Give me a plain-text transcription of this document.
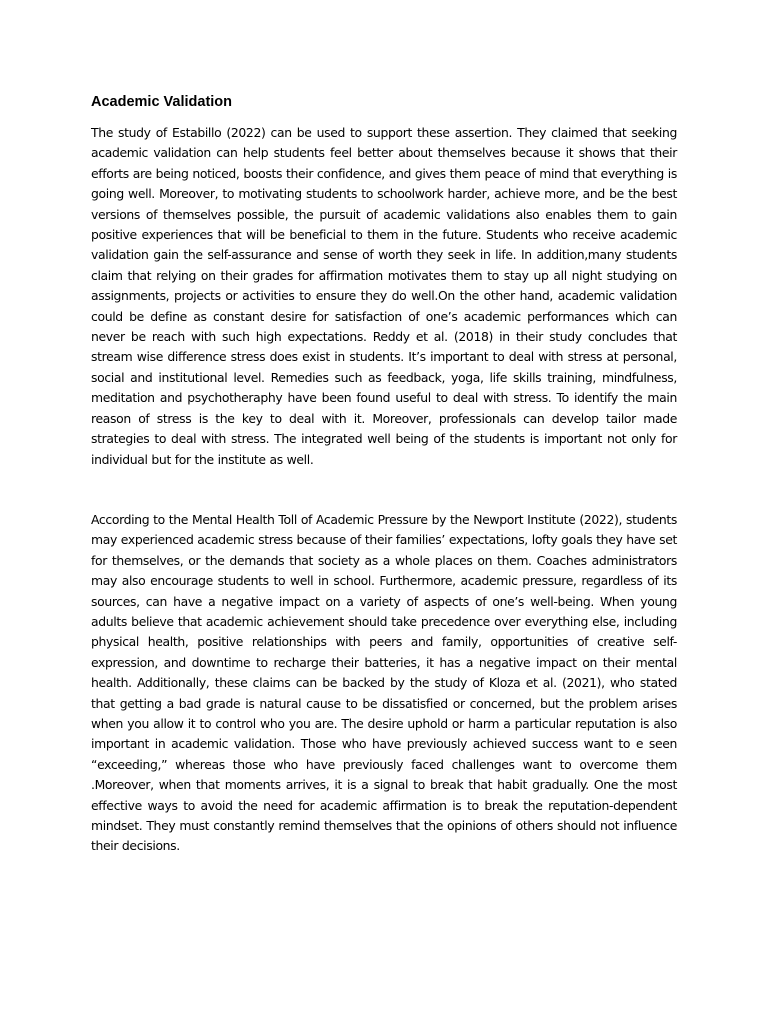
Academic Validation

The study of Estabillo (2022) can be used to support these assertion. They claimed that seeking academic validation can help students feel better about themselves because it shows that their efforts are being noticed, boosts their confidence, and gives them peace of mind that everything is going well. Moreover, to motivating students to schoolwork harder, achieve more, and be the best versions of themselves possible, the pursuit of academic validations also enables them to gain positive experiences that will be beneficial to them in the future. Students who receive academic validation gain the self-assurance and sense of worth they seek in life. In addition,many students claim that relying on their grades for affirmation motivates them to stay up all night studying on assignments, projects or activities to ensure they do well.On the other hand, academic validation could be define as constant desire for satisfaction of one’s academic performances which can never be reach with such high expectations. Reddy et al. (2018) in their study concludes that stream wise difference stress does exist in students. It’s important to deal with stress at personal, social and institutional level. Remedies such as feedback, yoga, life skills training, mindfulness, meditation and psychotheraphy have been found useful to deal with stress. To identify the main reason of stress is the key to deal with it. Moreover, professionals can develop tailor made strategies to deal with stress. The integrated well being of the students is important not only for individual but for the institute as well.

According to the Mental Health Toll of Academic Pressure by the Newport Institute (2022), students may experienced academic stress because of their families’ expectations, lofty goals they have set for themselves, or the demands that society as a whole places on them. Coaches administrators may also encourage students to well in school. Furthermore, academic pressure, regardless of its sources, can have a negative impact on a variety of aspects of one’s well-being. When young adults believe that academic achievement should take precedence over everything else, including physical health, positive relationships with peers and family, opportunities of creative self-expression, and downtime to recharge their batteries, it has a negative impact on their mental health. Additionally, these claims can be backed by the study of Kloza et al. (2021), who stated that getting a bad grade is natural cause to be dissatisfied or concerned, but the problem arises when you allow it to control who you are. The desire uphold or harm a particular reputation is also important in academic validation. Those who have previously achieved success want to e seen “exceeding,” whereas those who have previously faced challenges want to overcome them .Moreover, when that moments arrives, it is a signal to break that habit gradually. One the most effective ways to avoid the need for academic affirmation is to break the reputation-dependent mindset. They must constantly remind themselves that the opinions of others should not influence their decisions.
